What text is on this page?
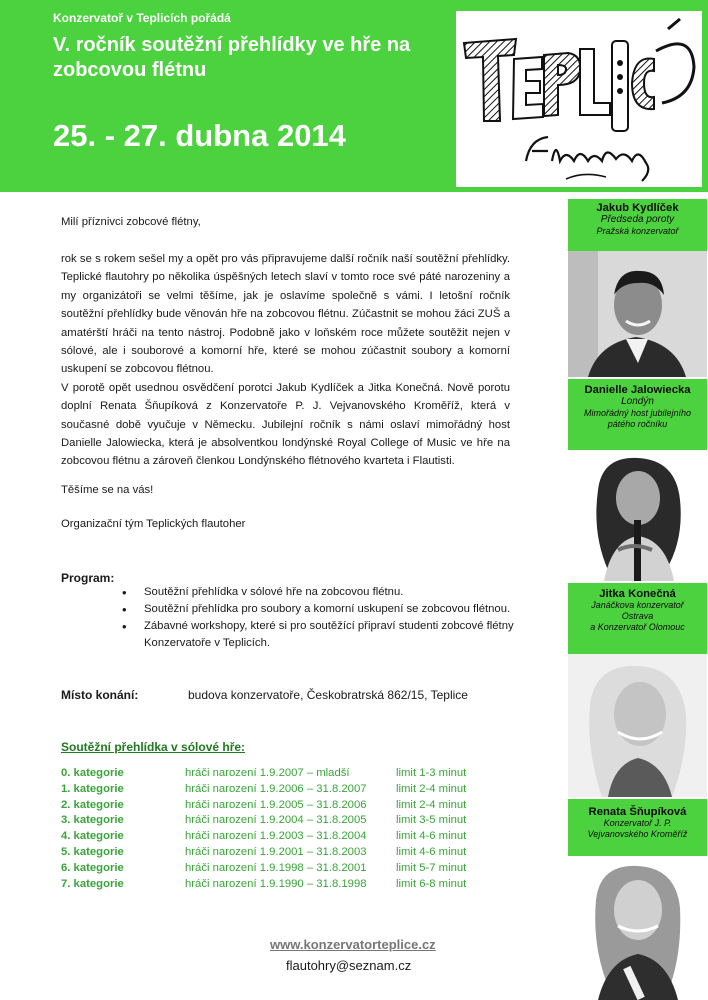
Konzervatoř v Teplicích pořádá
V. ročník soutěžní přehlídky ve hře na zobcovou flétnu
25. - 27. dubna 2014
Milí příznivci zobcové flétny,
rok se s rokem sešel my a opět pro vás připravujeme další ročník naší soutěžní přehlídky. Teplické flautohry po několika úspěšných letech slaví v tomto roce své páté narozeniny a my organizátoři se velmi těšíme, jak je oslavíme společně s vámi. I letošní ročník soutěžní přehlídky bude věnován hře na zobcovou flétnu. Zúčastnit se mohou žáci ZUŠ a amatérští hráči na tento nástroj. Podobně jako v loňském roce můžete soutěžit nejen v sólové, ale i souborové a komorní hře, které se mohou zúčastnit soubory a komorní uskupení se zobcovou flétnou.
V porotě opět usednou osvědčení porotci Jakub Kydlíček a Jitka Konečná. Nově porotu doplní Renata Šňupíková z Konzervatoře P. J. Vejvanovského Kroměříž, která v současné době vyučuje v Německu. Jubilejní ročník s námi oslaví mimořádný host Danielle Jalowiecka, která je absolventkou londýnské Royal College of Music ve hře na zobcovou flétnu a zároveň členkou Londýnského flétnového kvarteta i Flautisti.
Těšíme se na vás!
Organizační tým Teplických flautoher
Program:
• Soutěžní přehlídka v sólové hře na zobcovou flétnu.
• Soutěžní přehlídka pro soubory a komorní uskupení se zobcovou flétnou.
• Zábavné workshopy, které si pro soutěžící připraví studenti zobcové flétny Konzervatoře v Teplicích.
Místo konání:	budova konzervatoře, Českobratrská 862/15, Teplice
Soutěžní přehlídka v sólové hře:
0. kategorie	hráči narození 1.9.2007 – mladší	limit 1-3 minut
1. kategorie	hráči narození 1.9.2006 – 31.8.2007	limit 2-4 minut
2. kategorie	hráči narození 1.9.2005 – 31.8.2006	limit 2-4 minut
3. kategorie	hráči narození 1.9.2004 – 31.8.2005	limit 3-5 minut
4. kategorie	hráči narození 1.9.2003 – 31.8.2004	limit 4-6 minut
5. kategorie	hráči narození 1.9.2001 – 31.8.2003	limit 4-6 minut
6. kategorie	hráči narození 1.9.1998 – 31.8.2001	limit 5-7 minut
7. kategorie	hráči narození 1.9.1990 – 31.8.1998	limit 6-8 minut
www.konzervatorteplice.cz
flautohry@seznam.cz
Jakub Kydlíček
Předseda poroty
Pražská konzervatoř
Danielle Jalowiecka
Londýn
Mimořádný host jubilejního
pátého ročníku
Jitka Konečná
Janáčkova konzervatoř
Ostrava
a Konzervatoř Olomouc
Renata Šňupíková
Konzervatoř J. P.
Vejvanovského Kroměříž
